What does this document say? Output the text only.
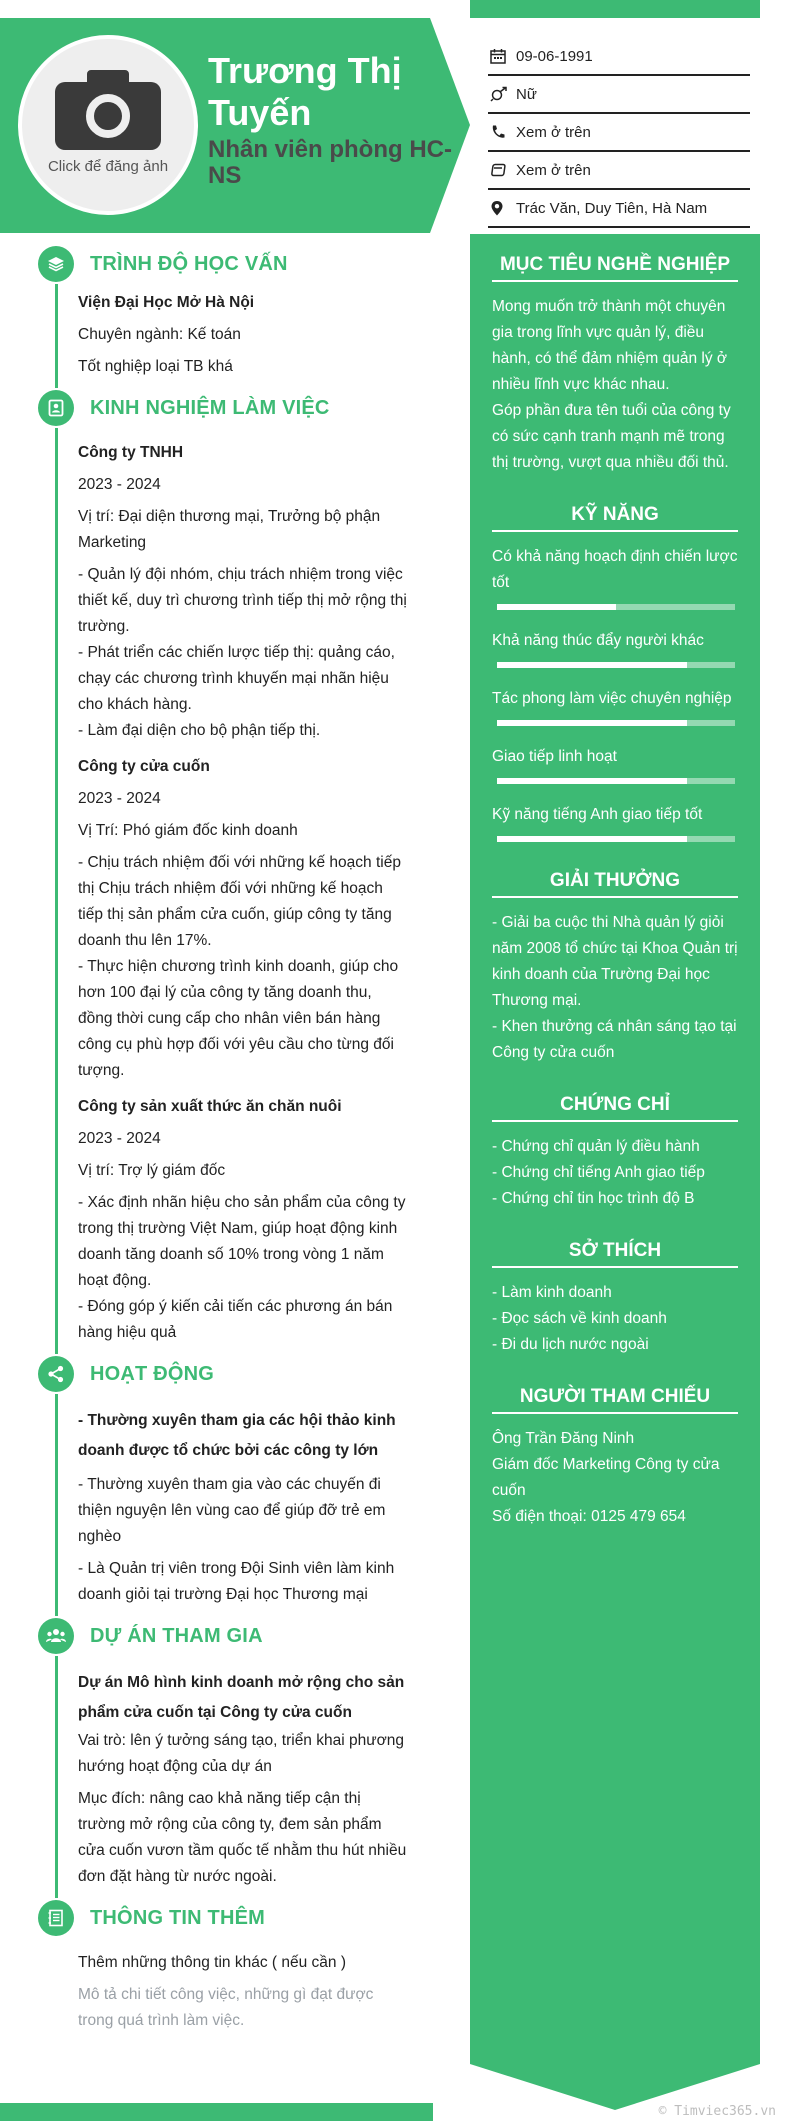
Click để đăng ảnh
Trương Thị Tuyến
Nhân viên phòng HC-NS
09-06-1991
Nữ
Xem ở trên
Xem ở trên
Trác Văn, Duy Tiên, Hà Nam
TRÌNH ĐỘ HỌC VẤN

Viện Đại Học Mở Hà Nội

Chuyên ngành: Kế toán

Tốt nghiệp loại TB khá

KINH NGHIỆM LÀM VIỆC

Công ty TNHH

2023 - 2024

Vị trí: Đại diện thương mại, Trưởng bộ phận Marketing

- Quản lý đội nhóm, chịu trách nhiệm trong việc thiết kế, duy trì chương trình tiếp thị mở rộng thị trường.

- Phát triển các chiến lược tiếp thị: quảng cáo, chạy các chương trình khuyến mại nhãn hiệu cho khách hàng.

- Làm đại diện cho bộ phận tiếp thị.

Công ty cửa cuốn

2023 - 2024

Vị Trí: Phó giám đốc kinh doanh

- Chịu trách nhiệm đối với những kế hoạch tiếp thị Chịu trách nhiệm đối với những kế hoạch tiếp thị sản phẩm cửa cuốn, giúp công ty tăng doanh thu lên 17%.

- Thực hiện chương trình kinh doanh, giúp cho hơn 100 đại lý của công ty tăng doanh thu, đồng thời cung cấp cho nhân viên bán hàng công cụ phù hợp đối với yêu cầu cho từng đối tượng.

Công ty sản xuất thức ăn chăn nuôi

2023 - 2024

Vị trí: Trợ lý giám đốc

- Xác định nhãn hiệu cho sản phẩm của công ty trong thị trường Việt Nam, giúp hoạt động kinh doanh tăng doanh số 10% trong vòng 1 năm hoạt động.

- Đóng góp ý kiến cải tiến các phương án bán hàng hiệu quả

HOẠT ĐỘNG

- Thường xuyên tham gia các hội thảo kinh doanh được tổ chức bởi các công ty lớn

- Thường xuyên tham gia vào các chuyến đi thiện nguyện lên vùng cao để giúp đỡ trẻ em nghèo

- Là Quản trị viên trong Đội Sinh viên làm kinh doanh giỏi tại trường Đại học Thương mại

DỰ ÁN THAM GIA

Dự án Mô hình kinh doanh mở rộng cho sản phẩm cửa cuốn tại Công ty cửa cuốn

Vai trò: lên ý tưởng sáng tạo, triển khai phương hướng hoạt động của dự án

Mục đích: nâng cao khả năng tiếp cận thị trường mở rộng của công ty, đem sản phẩm cửa cuốn vươn tầm quốc tế nhằm thu hút nhiều đơn đặt hàng từ nước ngoài.

THÔNG TIN THÊM

Thêm những thông tin khác ( nếu cần )

Mô tả chi tiết công việc, những gì đạt được trong quá trình làm việc.

MỤC TIÊU NGHỀ NGHIỆP

Mong muốn trở thành một chuyên gia trong lĩnh vực quản lý, điều hành, có thể đảm nhiệm quản lý ở nhiều lĩnh vực khác nhau.

Góp phần đưa tên tuổi của công ty có sức cạnh tranh mạnh mẽ trong thị trường, vượt qua nhiều đối thủ.

KỸ NĂNG
Có khả năng hoạch định chiến lược tốt
Khả năng thúc đẩy người khác
Tác phong làm việc chuyên nghiệp
Giao tiếp linh hoạt
Kỹ năng tiếng Anh giao tiếp tốt
GIẢI THƯỞNG

- Giải ba cuộc thi Nhà quản lý giỏi năm 2008 tổ chức tại Khoa Quản trị kinh doanh của Trường Đại học Thương mại.

- Khen thưởng cá nhân sáng tạo tại Công ty cửa cuốn

CHỨNG CHỈ

- Chứng chỉ quản lý điều hành

- Chứng chỉ tiếng Anh giao tiếp

- Chứng chỉ tin học trình độ B

SỞ THÍCH

- Làm kinh doanh

- Đọc sách về kinh doanh

- Đi du lịch nước ngoài

NGƯỜI THAM CHIẾU

Ông Trần Đăng Ninh

Giám đốc Marketing Công ty cửa cuốn

Số điện thoại: 0125 479 654

© Timviec365.vn
